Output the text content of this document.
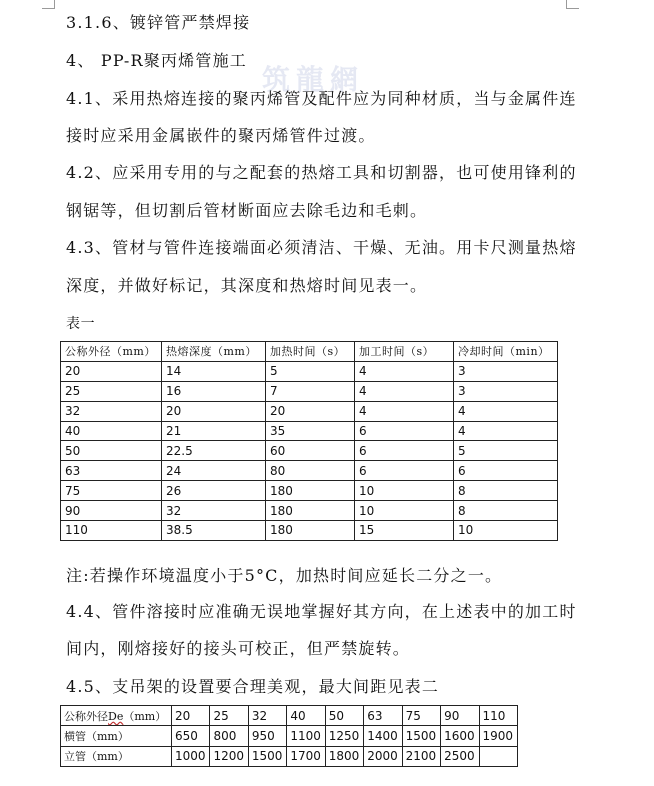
筑龍網
3.1.6、镀锌管严禁焊接
4、 PP-R聚丙烯管施工
4.1、采用热熔连接的聚丙烯管及配件应为同种材质，当与金属件连
接时应采用金属嵌件的聚丙烯管件过渡。
4.2、应采用专用的与之配套的热熔工具和切割器，也可使用锋利的
钢锯等，但切割后管材断面应去除毛边和毛刺。
4.3、管材与管件连接端面必须清洁、干燥、无油。用卡尺测量热熔
深度，并做好标记，其深度和热熔时间见表一。
表一
公称外径（mm）	热熔深度（mm）	加热时间（s）	加工时间（s）	冷却时间（min）
20	14	5	4	3
25	16	7	4	3
32	20	20	4	4
40	21	35	6	4
50	22.5	60	6	5
63	24	80	6	6
75	26	180	10	8
90	32	180	10	8
110	38.5	180	15	10
注:若操作环境温度小于5°C，加热时间应延长二分之一。
4.4、管件溶接时应准确无误地掌握好其方向，在上述表中的加工时
间内，刚熔接好的接头可校正，但严禁旋转。
4.5、支吊架的设置要合理美观，最大间距见表二
公称外径De（mm）	20	25	32	40	50	63	75	90	110
横管（mm）	650	800	950	1100	1250	1400	1500	1600	1900
立管（mm）	1000	1200	1500	1700	1800	2000	2100	2500	
